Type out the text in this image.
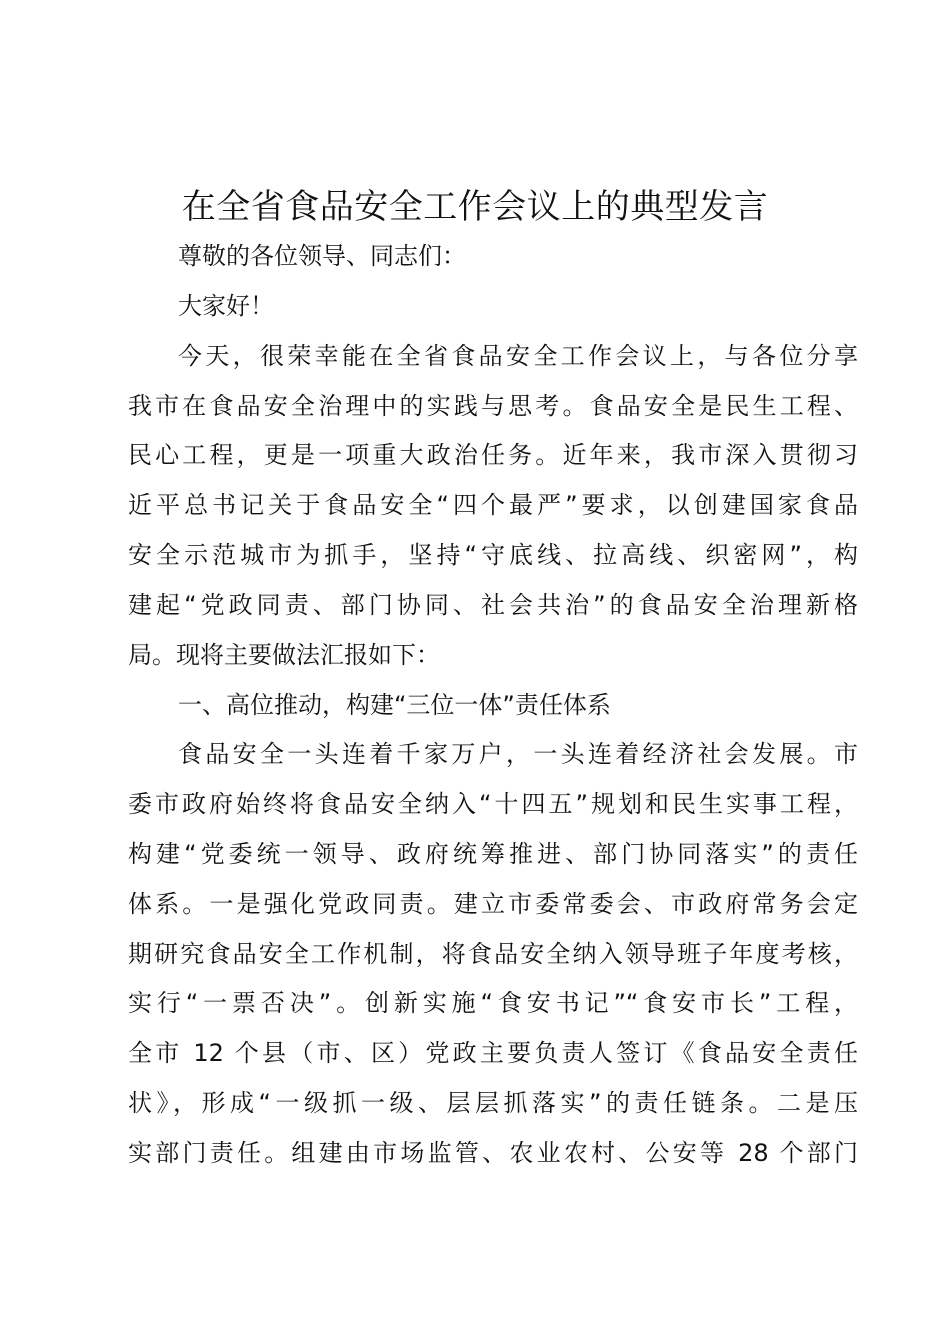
在全省食品安全工作会议上的典型发言
尊敬的各位领导、同志们：
大家好！
今天，很荣幸能在全省食品安全工作会议上，与各位分享
我市在食品安全治理中的实践与思考。食品安全是民生工程、
民心工程，更是一项重大政治任务。近年来，我市深入贯彻习
近平总书记关于食品安全“四个最严”要求，以创建国家食品
安全示范城市为抓手，坚持“守底线、拉高线、织密网”，构
建起“党政同责、部门协同、社会共治”的食品安全治理新格
局。现将主要做法汇报如下：
一、高位推动，构建“三位一体”责任体系
食品安全一头连着千家万户，一头连着经济社会发展。市
委市政府始终将食品安全纳入“十四五”规划和民生实事工程，
构建“党委统一领导、政府统筹推进、部门协同落实”的责任
体系。一是强化党政同责。建立市委常委会、市政府常务会定
期研究食品安全工作机制，将食品安全纳入领导班子年度考核，
实行“一票否决”。创新实施“食安书记”“食安市长”工程，
全市 12 个县（市、区）党政主要负责人签订《食品安全责任
状》，形成“一级抓一级、层层抓落实”的责任链条。二是压
实部门责任。组建由市场监管、农业农村、公安等 28 个部门
